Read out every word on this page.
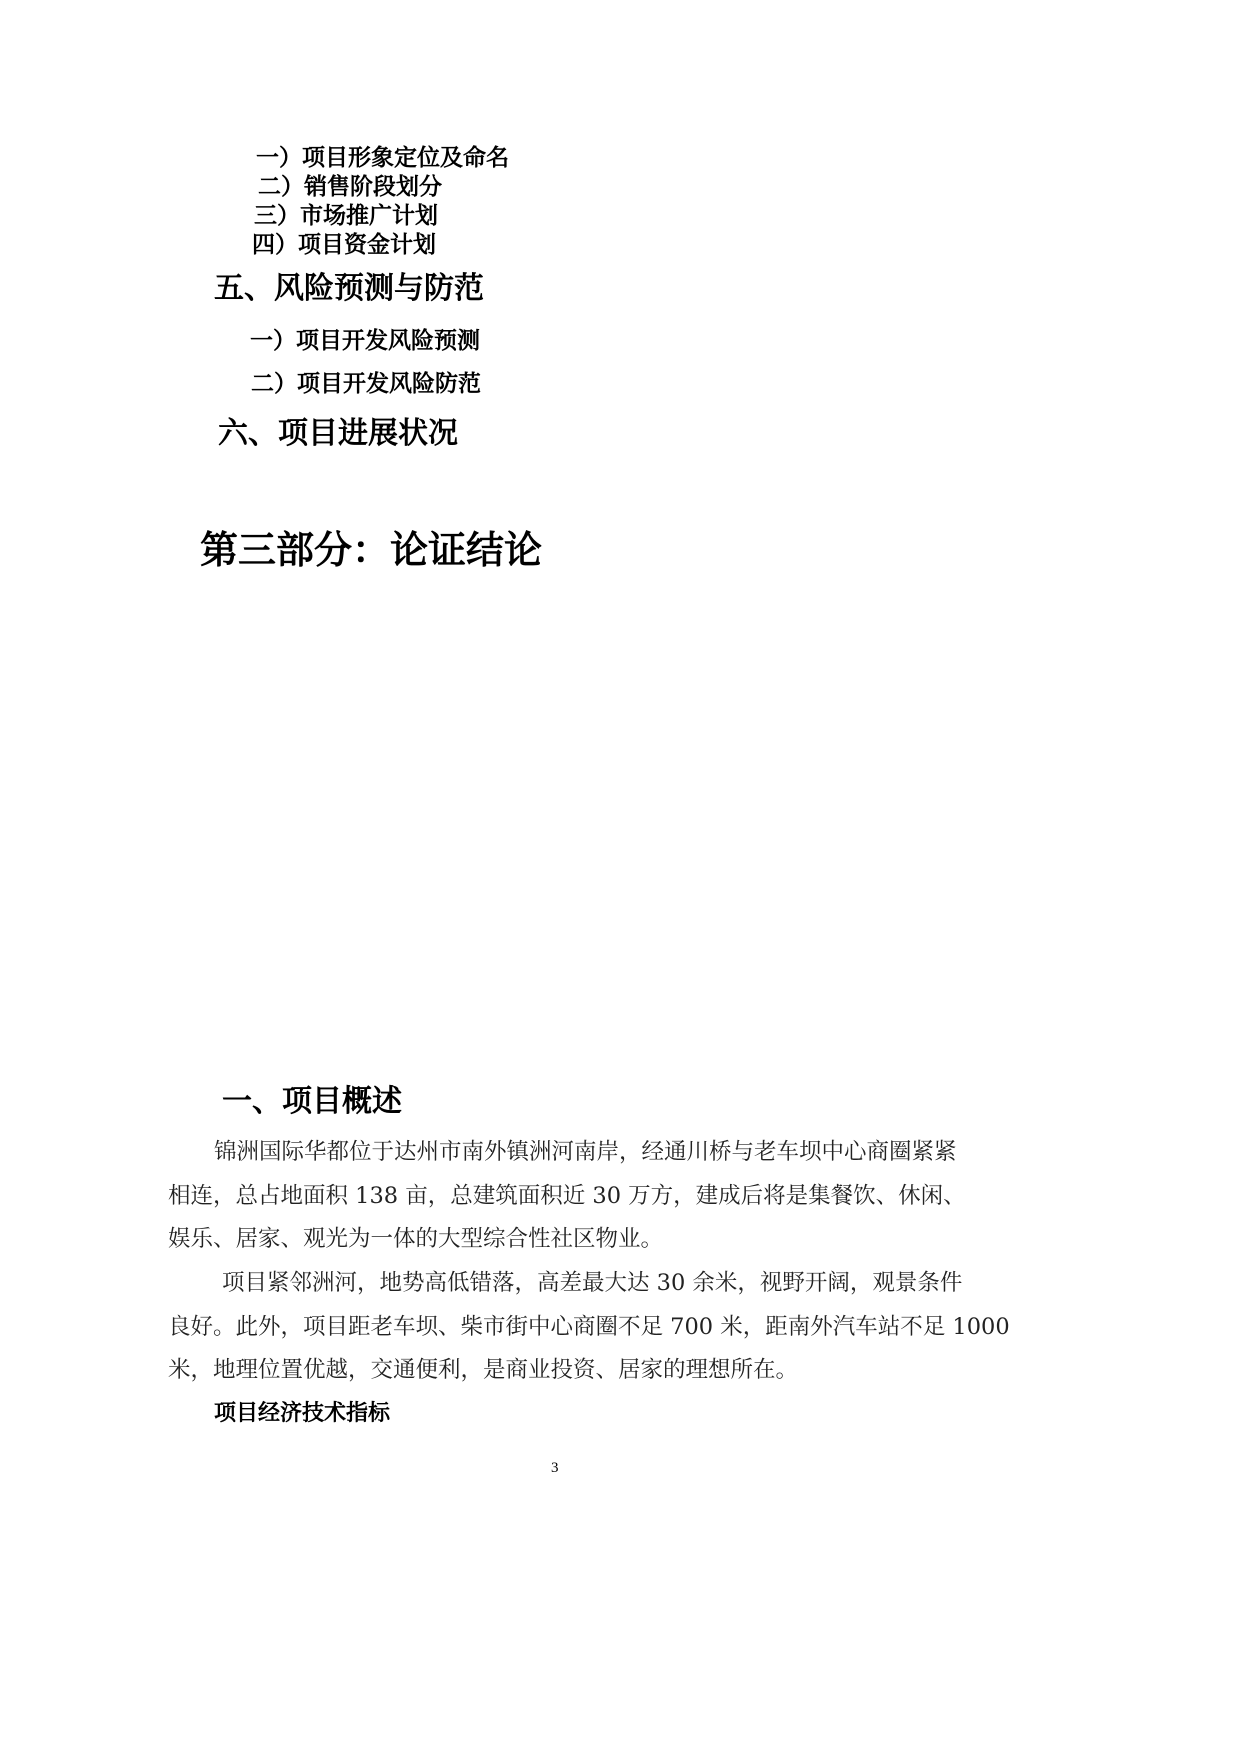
一）项目形象定位及命名
二）销售阶段划分
三）市场推广计划
四）项目资金计划
五、风险预测与防范
一）项目开发风险预测
二）项目开发风险防范
六、项目进展状况
第三部分：论证结论
一、项目概述
锦洲国际华都位于达州市南外镇洲河南岸，经通川桥与老车坝中心商圈紧紧
相连，总占地面积 138 亩，总建筑面积近 30 万方，建成后将是集餐饮、休闲、
娱乐、居家、观光为一体的大型综合性社区物业。
项目紧邻洲河，地势高低错落，高差最大达 30 余米，视野开阔，观景条件
良好。此外，项目距老车坝、柴市街中心商圈不足 700 米，距南外汽车站不足 1000
米，地理位置优越，交通便利，是商业投资、居家的理想所在。
项目经济技术指标
3
